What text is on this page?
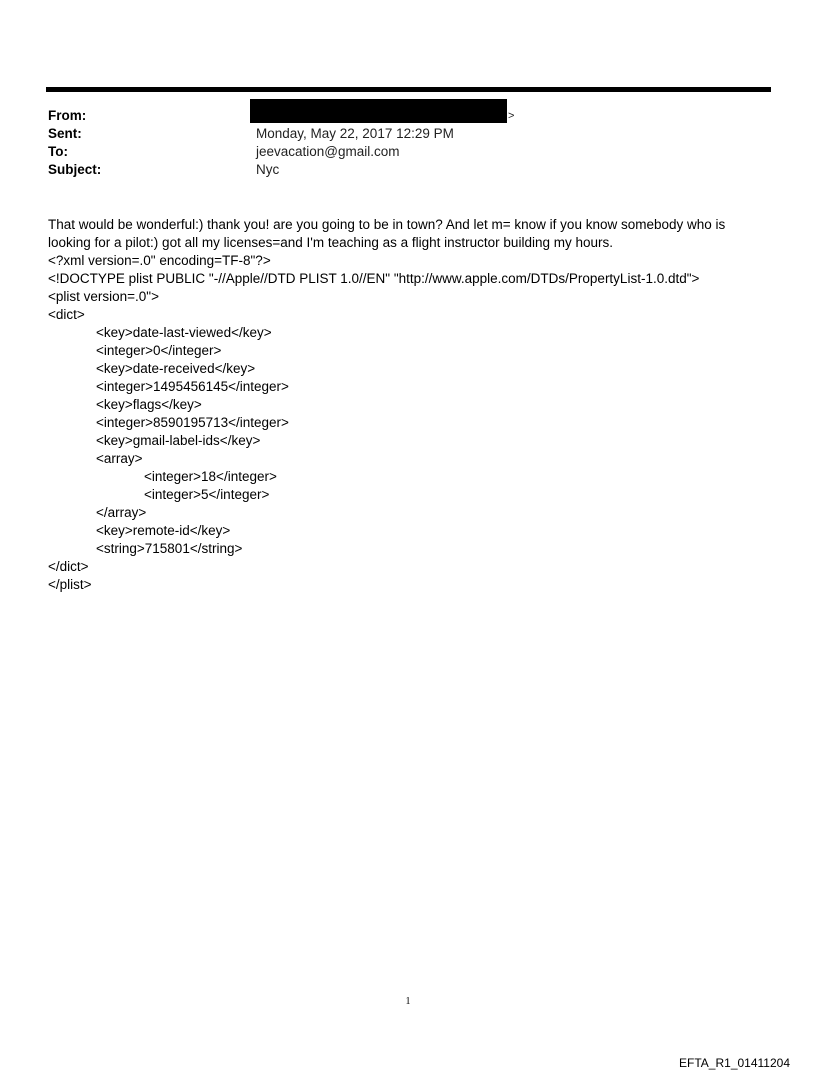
From:	>
Sent:	Monday, May 22, 2017 12:29 PM
To:	jeevacation@gmail.com
Subject:	Nyc

That would be wonderful:) thank you! are you going to be in town? And let m= know if you know somebody who is looking for a pilot:) got all my licenses=and I'm teaching as a flight instructor building my hours.

<?xml version=.0" encoding=TF-8"?>
<!DOCTYPE plist PUBLIC "-//Apple//DTD PLIST 1.0//EN" "http://www.apple.com/DTDs/PropertyList-1.0.dtd">
<plist version=.0">
<dict>
<key>date-last-viewed</key>
<integer>0</integer>
<key>date-received</key>
<integer>1495456145</integer>
<key>flags</key>
<integer>8590195713</integer>
<key>gmail-label-ids</key>
<array>
<integer>18</integer>
<integer>5</integer>
</array>
<key>remote-id</key>
<string>715801</string>
</dict>
</plist>
1
EFTA_R1_01411204
